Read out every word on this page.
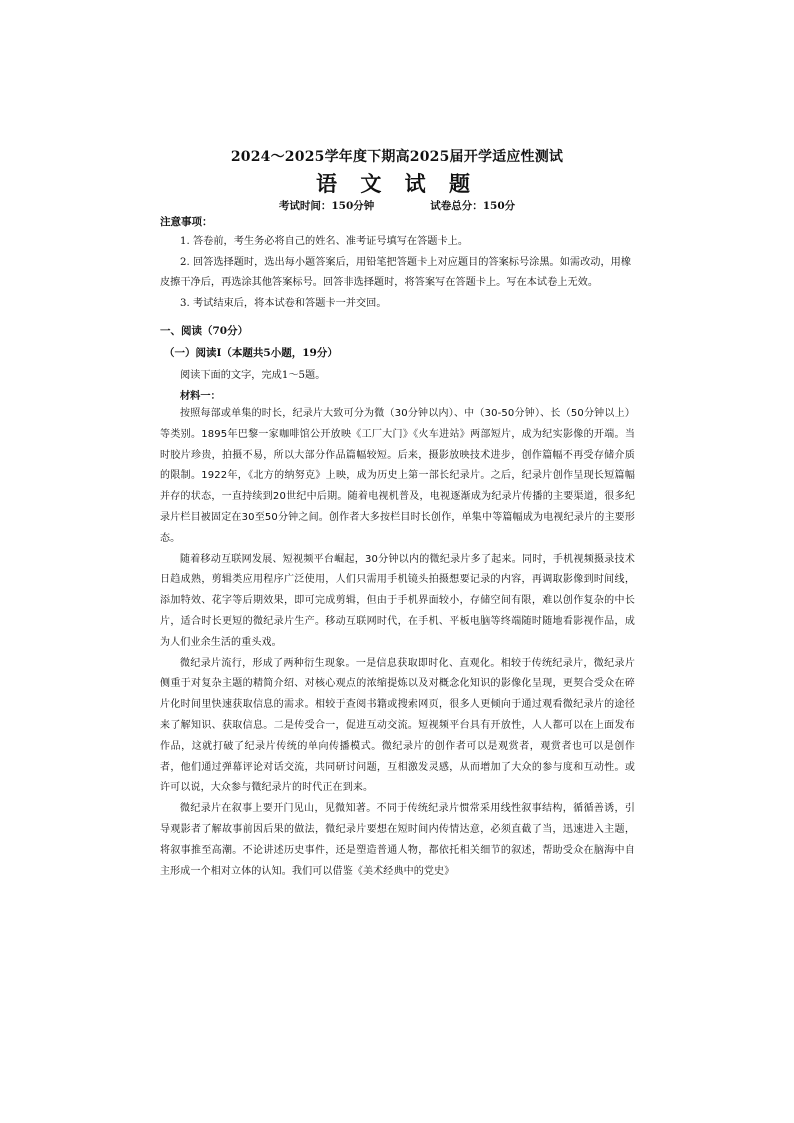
2024～2025学年度下期高2025届开学适应性测试
语 文 试 题
考试时间：150分钟	试卷总分：150分
注意事项：

1. 答卷前，考生务必将自己的姓名、准考证号填写在答题卡上。

2. 回答选择题时，选出每小题答案后，用铅笔把答题卡上对应题目的答案标号涂黑。如需改动，用橡皮擦干净后，再选涂其他答案标号。回答非选择题时，将答案写在答题卡上。写在本试卷上无效。

3. 考试结束后，将本试卷和答题卡一并交回。

一、阅读（70分）
（一）阅读Ⅰ（本题共5小题，19分）
阅读下面的文字，完成1～5题。
材料一：

按照每部或单集的时长，纪录片大致可分为微（30分钟以内）、中（30-50分钟）、长（50分钟以上）等类别。1895年巴黎一家咖啡馆公开放映《工厂大门》《火车进站》两部短片，成为纪实影像的开端。当时胶片珍贵，拍摄不易，所以大部分作品篇幅较短。后来，摄影放映技术进步，创作篇幅不再受存储介质的限制。1922年，《北方的纳努克》上映，成为历史上第一部长纪录片。之后，纪录片创作呈现长短篇幅并存的状态，一直持续到20世纪中后期。随着电视机普及，电视逐渐成为纪录片传播的主要渠道，很多纪录片栏目被固定在30至50分钟之间。创作者大多按栏目时长创作，单集中等篇幅成为电视纪录片的主要形态。

随着移动互联网发展、短视频平台崛起，30分钟以内的微纪录片多了起来。同时，手机视频摄录技术日趋成熟，剪辑类应用程序广泛使用，人们只需用手机镜头拍摄想要记录的内容，再调取影像到时间线，添加特效、花字等后期效果，即可完成剪辑，但由于手机界面较小，存储空间有限，难以创作复杂的中长片，适合时长更短的微纪录片生产。移动互联网时代，在手机、平板电脑等终端随时随地看影视作品，成为人们业余生活的重头戏。

微纪录片流行，形成了两种衍生现象。一是信息获取即时化、直观化。相较于传统纪录片，微纪录片侧重于对复杂主题的精简介绍、对核心观点的浓缩提炼以及对概念化知识的影像化呈现，更契合受众在碎片化时间里快速获取信息的需求。相较于查阅书籍或搜索网页，很多人更倾向于通过观看微纪录片的途径来了解知识、获取信息。二是传受合一，促进互动交流。短视频平台具有开放性，人人都可以在上面发布作品，这就打破了纪录片传统的单向传播模式。微纪录片的创作者可以是观赏者，观赏者也可以是创作者，他们通过弹幕评论对话交流，共同研讨问题，互相激发灵感，从而增加了大众的参与度和互动性。或许可以说，大众参与微纪录片的时代正在到来。

微纪录片在叙事上要开门见山，见微知著。不同于传统纪录片惯常采用线性叙事结构，循循善诱，引导观影者了解故事前因后果的做法，微纪录片要想在短时间内传情达意，必须直截了当，迅速进入主题，将叙事推至高潮。不论讲述历史事件，还是塑造普通人物，都依托相关细节的叙述，帮助受众在脑海中自主形成一个相对立体的认知。我们可以借鉴《美术经典中的党史》
